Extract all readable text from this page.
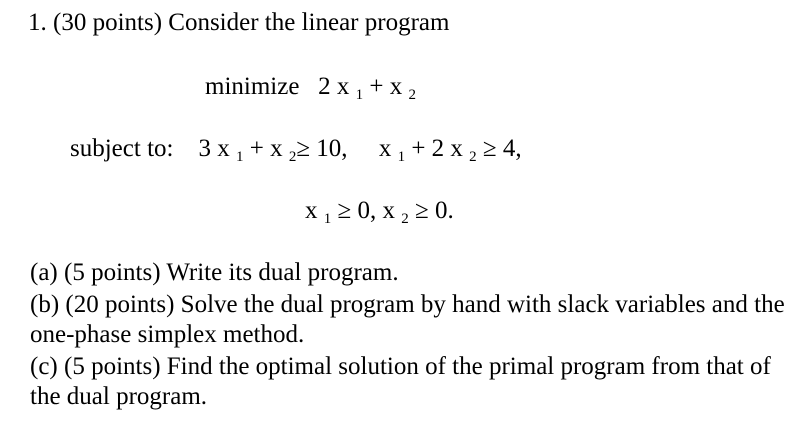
1. (30 points) Consider the linear program
minimize 2 x $_1$ + x $_2$
subject to: 3 x $_1$ + x $_2$≥ 10, x $_1$ + 2 x $_2$ ≥ 4,
x $_1$ ≥ 0, x $_2$ ≥ 0.
(a) (5 points) Write its dual program.
(b) (20 points) Solve the dual program by hand with slack variables and the one-phase simplex method.
(c) (5 points) Find the optimal solution of the primal program from that of the dual program.
